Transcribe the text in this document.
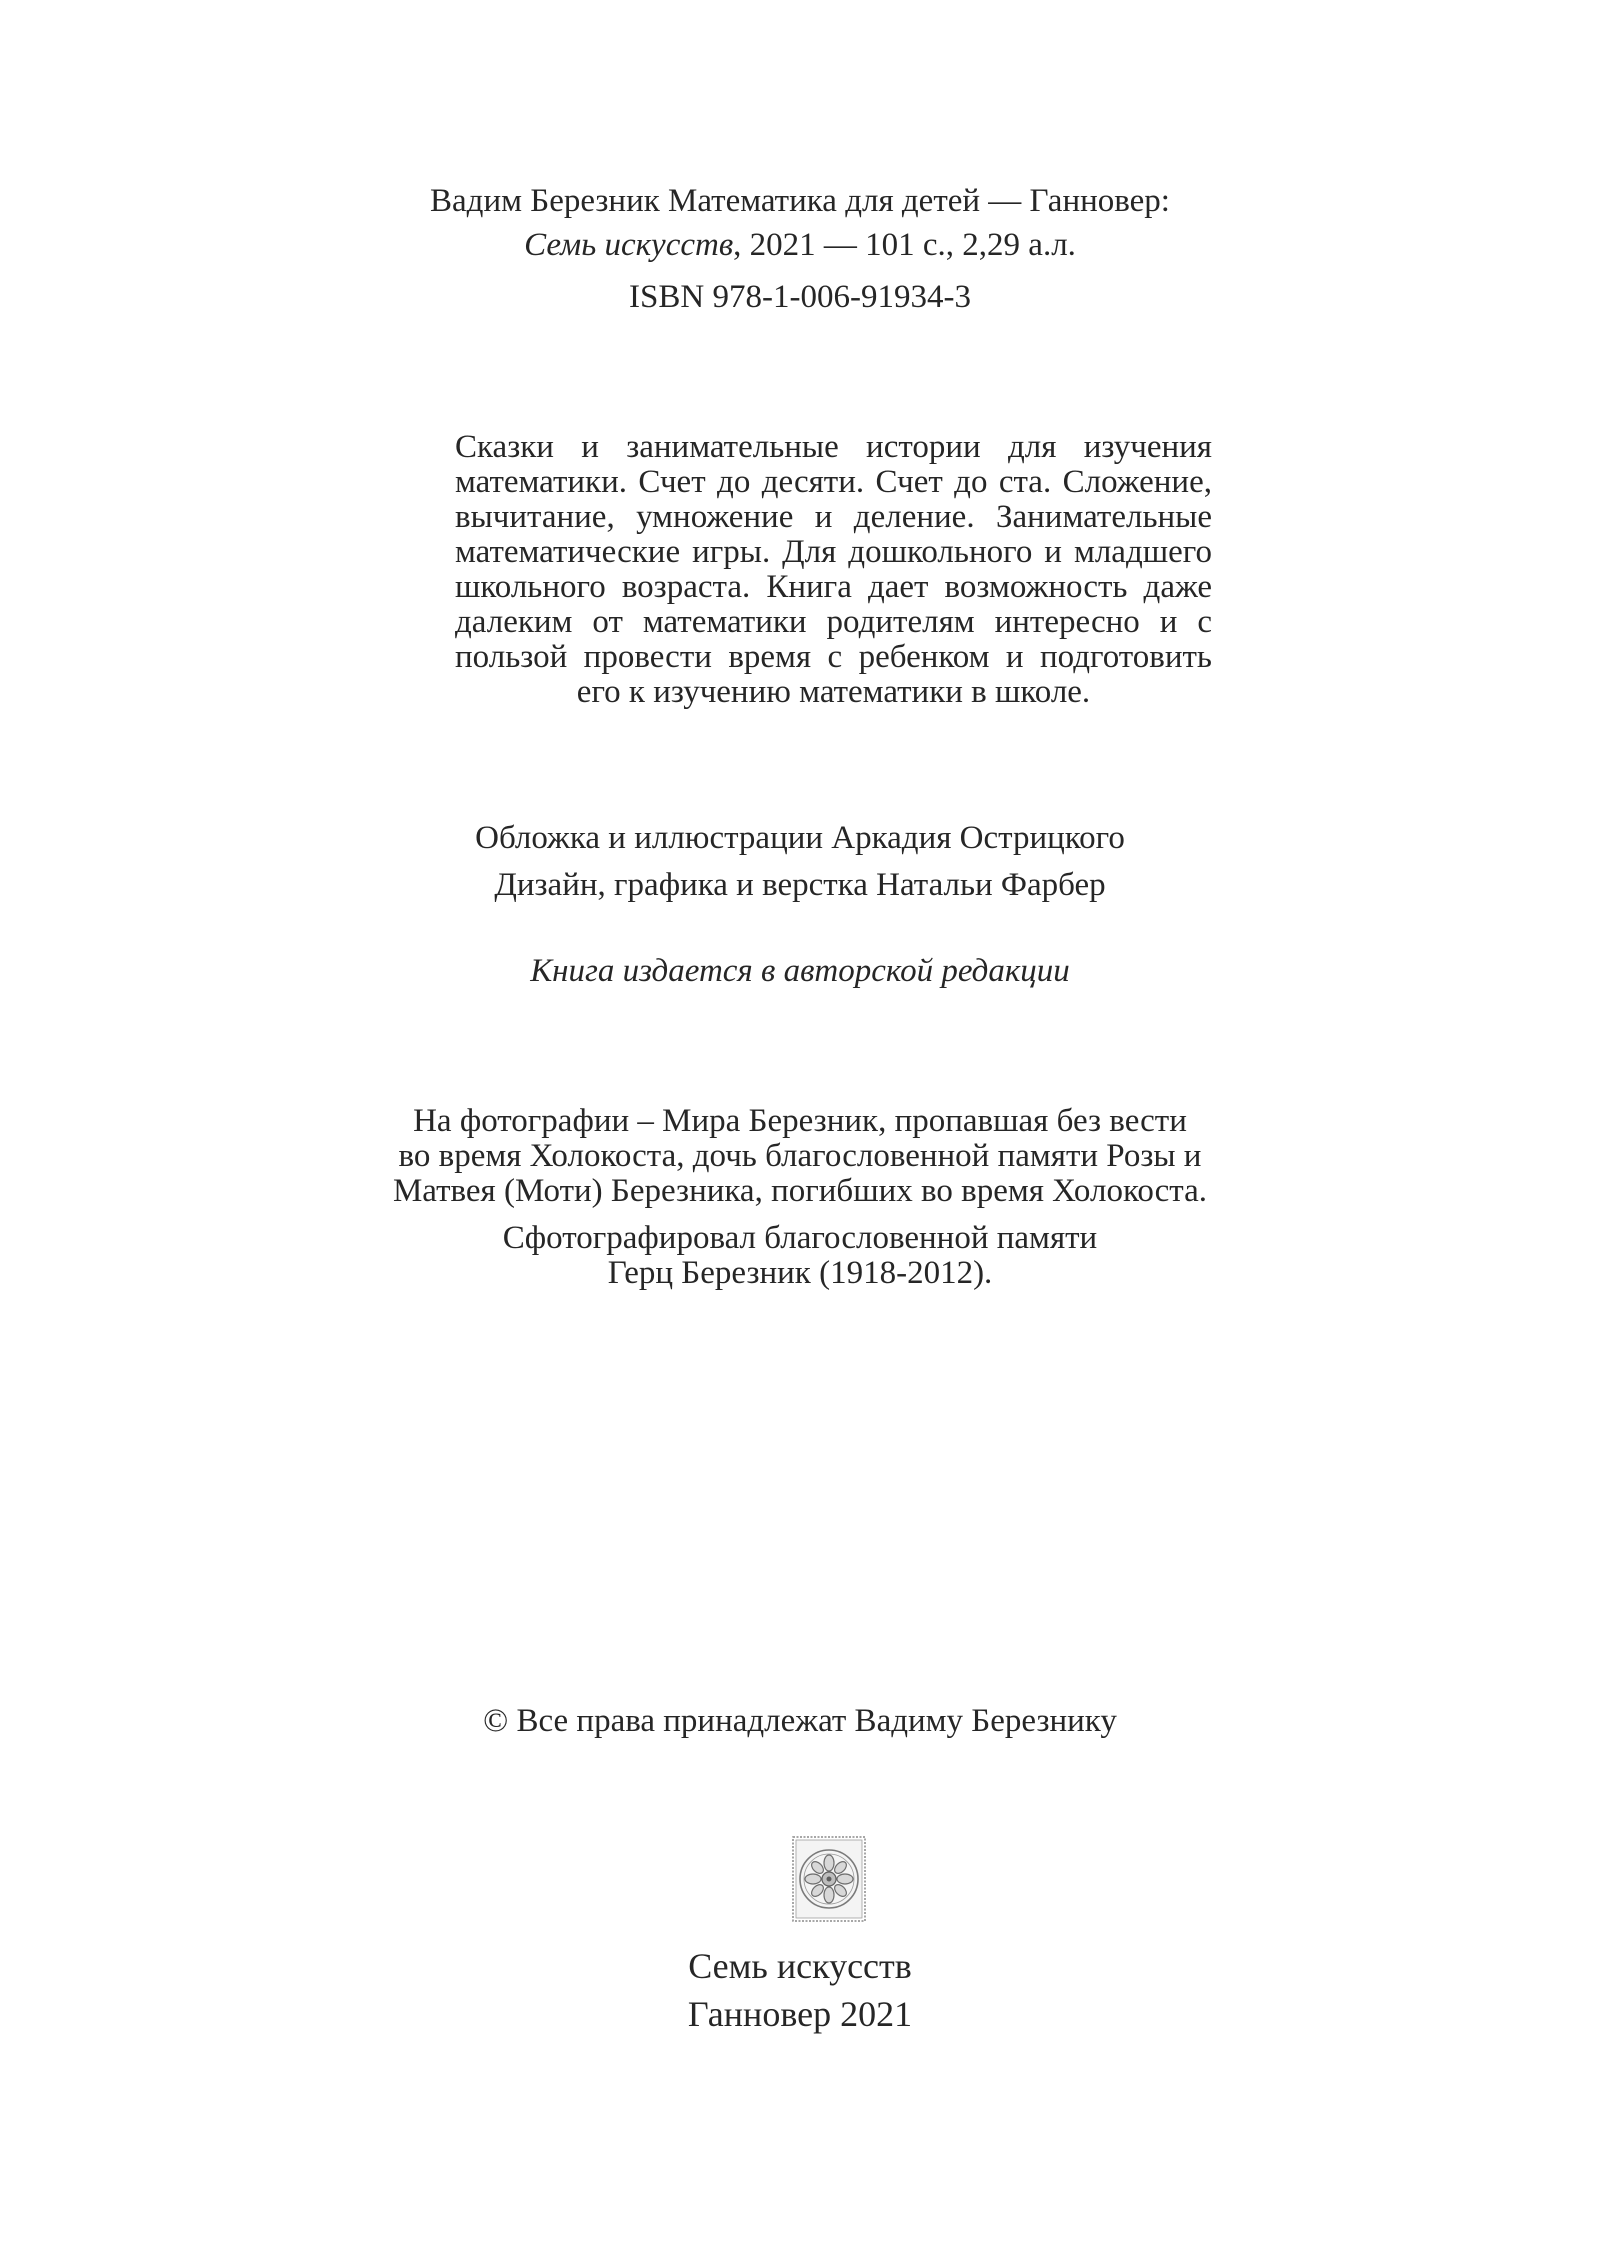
Вадим Березник Математика для детей — Ганновер:
Семь искусств, 2021 — 101 с., 2,29 а.л.
ISBN 978-1-006-91934-3
Сказки и занимательные истории для изучения математики. Счет до десяти. Счет до ста. Сложение, вычитание, умножение и деление. Занимательные математические игры. Для дошкольного и младшего школьного возраста. Книга дает возможность даже далеким от математики родителям интересно и с пользой провести время с ребенком и подготовить его к изучению математики в школе.
Обложка и иллюстрации Аркадия Острицкого
Дизайн, графика и верстка Натальи Фарбер
Книга издается в авторской редакции
На фотографии – Мира Березник, пропавшая без вести
во время Холокоста, дочь благословенной памяти Розы и
Матвея (Моти) Березника, погибших во время Холокоста.
Сфотографировал благословенной памяти
Герц Березник (1918-2012).
© Все права принадлежат Вадиму Березнику
Семь искусств
Ганновер 2021
